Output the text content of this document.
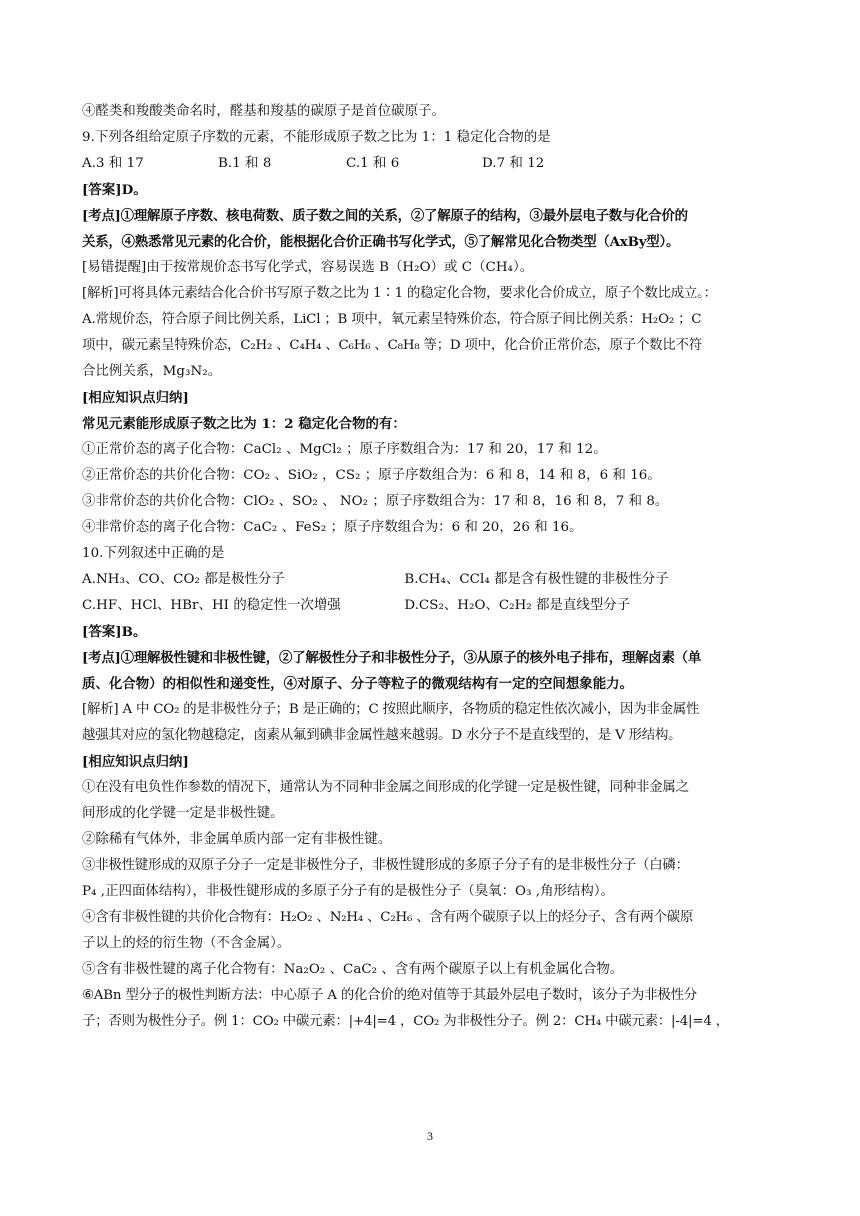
④醛类和羧酸类命名时，醛基和羧基的碳原子是首位碳原子。
9.下列各组给定原子序数的元素，不能形成原子数之比为 1：1 稳定化合物的是
A.3 和 17	B.1 和 8	C.1 和 6	D.7 和 12
[答案]D。
[考点]①理解原子序数、核电荷数、质子数之间的关系，②了解原子的结构，③最外层电子数与化合价的
关系，④熟悉常见元素的化合价，能根据化合价正确书写化学式，⑤了解常见化合物类型（AxBy型）。
[易错提醒]由于按常规价态书写化学式，容易误选 B（H₂O）或 C（CH₄）。
[解析]可将具体元素结合化合价书写原子数之比为 1∶1 的稳定化合物，要求化合价成立，原子个数比成立。：
A.常规价态，符合原子间比例关系，LiCl ；B 项中，氧元素呈特殊价态，符合原子间比例关系：H₂O₂ ；C
项中，碳元素呈特殊价态，C₂H₂ 、C₄H₄ 、C₆H₆ 、C₈H₈ 等；D 项中，化合价正常价态，原子个数比不符
合比例关系，Mg₃N₂。
[相应知识点归纳]
常见元素能形成原子数之比为 1：2 稳定化合物的有：
①正常价态的离子化合物：CaCl₂ 、MgCl₂ ；原子序数组合为：17 和 20，17 和 12。
②正常价态的共价化合物：CO₂ 、SiO₂ ，CS₂ ；原子序数组合为：6 和 8，14 和 8，6 和 16。
③非常价态的共价化合物：ClO₂ 、SO₂ 、 NO₂ ；原子序数组合为：17 和 8，16 和 8，7 和 8。
④非常价态的离子化合物：CaC₂ 、FeS₂ ；原子序数组合为：6 和 20，26 和 16。
10.下列叙述中正确的是
A.NH₃、CO、CO₂ 都是极性分子	B.CH₄、CCl₄ 都是含有极性键的非极性分子
C.HF、HCl、HBr、HI 的稳定性一次增强	D.CS₂、H₂O、C₂H₂ 都是直线型分子
[答案]B。
[考点]①理解极性键和非极性键，②了解极性分子和非极性分子，③从原子的核外电子排布，理解卤素（单
质、化合物）的相似性和递变性，④对原子、分子等粒子的微观结构有一定的空间想象能力。
[解析] A 中 CO₂ 的是非极性分子；B 是正确的；C 按照此顺序，各物质的稳定性依次减小，因为非金属性
越强其对应的氢化物越稳定，卤素从氟到碘非金属性越来越弱。D 水分子不是直线型的，是 V 形结构。
[相应知识点归纳]
①在没有电负性作参数的情况下，通常认为不同种非金属之间形成的化学键一定是极性键，同种非金属之
间形成的化学键一定是非极性键。
②除稀有气体外，非金属单质内部一定有非极性键。
③非极性键形成的双原子分子一定是非极性分子，非极性键形成的多原子分子有的是非极性分子（白磷：
P₄ ,正四面体结构），非极性键形成的多原子分子有的是极性分子（臭氧：O₃ ,角形结构）。
④含有非极性键的共价化合物有：H₂O₂ 、N₂H₄ 、C₂H₆ 、含有两个碳原子以上的烃分子、含有两个碳原
子以上的烃的衍生物（不含金属）。
⑤含有非极性键的离子化合物有：Na₂O₂ 、CaC₂ 、含有两个碳原子以上有机金属化合物。
⑥ABn 型分子的极性判断方法：中心原子 A 的化合价的绝对值等于其最外层电子数时，该分子为非极性分
子；否则为极性分子。例 1：CO₂ 中碳元素：|+4|=4 ，CO₂ 为非极性分子。例 2：CH₄ 中碳元素：|-4|=4 ，
3
